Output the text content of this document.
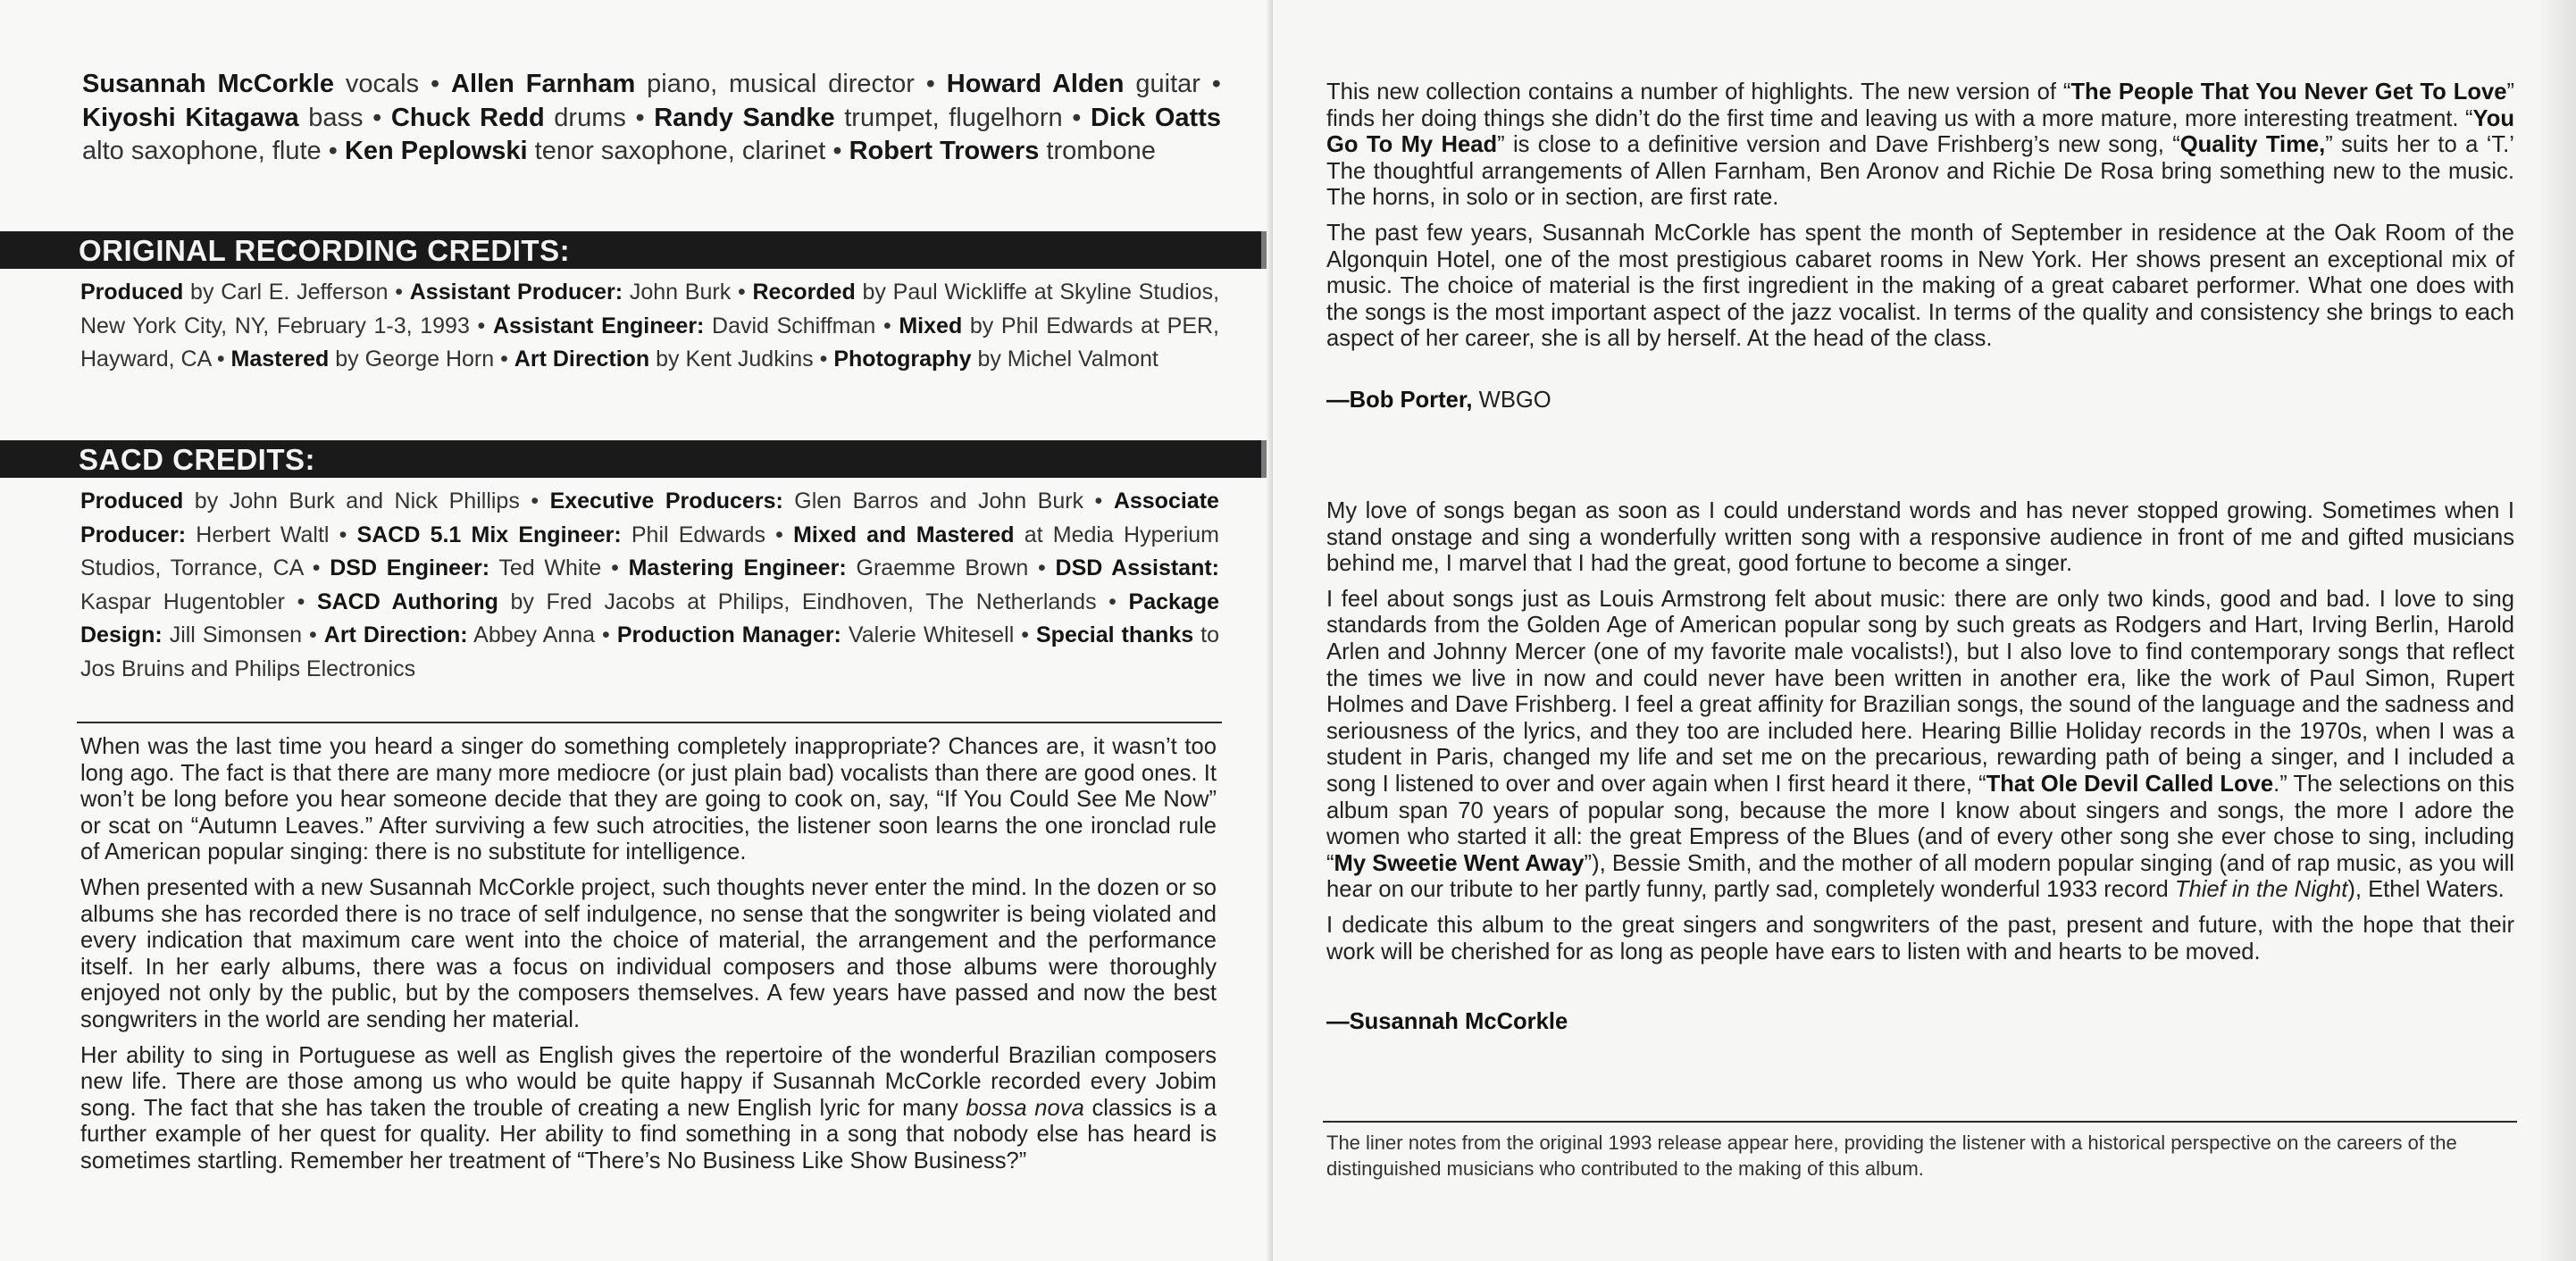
Susannah McCorkle vocals • Allen Farnham piano, musical director • Howard Alden guitar • Kiyoshi Kitagawa bass • Chuck Redd drums • Randy Sandke trumpet, flugelhorn • Dick Oatts alto saxophone, flute • Ken Peplowski tenor saxophone, clarinet • Robert Trowers trombone
ORIGINAL RECORDING CREDITS:
Produced by Carl E. Jefferson • Assistant Producer: John Burk • Recorded by Paul Wickliffe at Skyline Studios, New York City, NY, February 1-3, 1993 • Assistant Engineer: David Schiffman • Mixed by Phil Edwards at PER, Hayward, CA • Mastered by George Horn • Art Direction by Kent Judkins • Photography by Michel Valmont
SACD CREDITS:
Produced by John Burk and Nick Phillips • Executive Producers: Glen Barros and John Burk • Associate Producer: Herbert Waltl • SACD 5.1 Mix Engineer: Phil Edwards • Mixed and Mastered at Media Hyperium Studios, Torrance, CA • DSD Engineer: Ted White • Mastering Engineer: Graemme Brown • DSD Assistant: Kaspar Hugentobler • SACD Authoring by Fred Jacobs at Philips, Eindhoven, The Netherlands • Package Design: Jill Simonsen • Art Direction: Abbey Anna • Production Manager: Valerie Whitesell • Special thanks to Jos Bruins and Philips Electronics

When was the last time you heard a singer do something completely inappropriate? Chances are, it wasn’t too long ago. The fact is that there are many more mediocre (or just plain bad) vocalists than there are good ones. It won’t be long before you hear someone decide that they are going to cook on, say, “If You Could See Me Now” or scat on “Autumn Leaves.” After surviving a few such atrocities, the listener soon learns the one ironclad rule of American popular singing: there is no substitute for intelligence.

When presented with a new Susannah McCorkle project, such thoughts never enter the mind. In the dozen or so albums she has recorded there is no trace of self indulgence, no sense that the songwriter is being violated and every indication that maximum care went into the choice of material, the arrangement and the performance itself. In her early albums, there was a focus on individual composers and those albums were thoroughly enjoyed not only by the public, but by the composers themselves. A few years have passed and now the best songwriters in the world are sending her material.

Her ability to sing in Portuguese as well as English gives the repertoire of the wonderful Brazilian composers new life. There are those among us who would be quite happy if Susannah McCorkle recorded every Jobim song. The fact that she has taken the trouble of creating a new English lyric for many bossa nova classics is a further example of her quest for quality. Her ability to find something in a song that nobody else has heard is sometimes startling. Remember her treatment of “There’s No Business Like Show Business?”

This new collection contains a number of highlights. The new version of “The People That You Never Get To Love” finds her doing things she didn’t do the first time and leaving us with a more mature, more interesting treatment. “You Go To My Head” is close to a definitive version and Dave Frishberg’s new song, “Quality Time,” suits her to a ‘T.’ The thoughtful arrangements of Allen Farnham, Ben Aronov and Richie De Rosa bring something new to the music. The horns, in solo or in section, are first rate.

The past few years, Susannah McCorkle has spent the month of September in residence at the Oak Room of the Algonquin Hotel, one of the most prestigious cabaret rooms in New York. Her shows present an exceptional mix of music. The choice of material is the first ingredient in the making of a great cabaret performer. What one does with the songs is the most important aspect of the jazz vocalist. In terms of the quality and consistency she brings to each aspect of her career, she is all by herself. At the head of the class.

—Bob Porter, WBGO

My love of songs began as soon as I could understand words and has never stopped growing. Sometimes when I stand onstage and sing a wonderfully written song with a responsive audience in front of me and gifted musicians behind me, I marvel that I had the great, good fortune to become a singer.

I feel about songs just as Louis Armstrong felt about music: there are only two kinds, good and bad. I love to sing standards from the Golden Age of American popular song by such greats as Rodgers and Hart, Irving Berlin, Harold Arlen and Johnny Mercer (one of my favorite male vocalists!), but I also love to find contemporary songs that reflect the times we live in now and could never have been written in another era, like the work of Paul Simon, Rupert Holmes and Dave Frishberg. I feel a great affinity for Brazilian songs, the sound of the language and the sadness and seriousness of the lyrics, and they too are included here. Hearing Billie Holiday records in the 1970s, when I was a student in Paris, changed my life and set me on the precarious, rewarding path of being a singer, and I included a song I listened to over and over again when I first heard it there, “That Ole Devil Called Love.” The selections on this album span 70 years of popular song, because the more I know about singers and songs, the more I adore the women who started it all: the great Empress of the Blues (and of every other song she ever chose to sing, including “My Sweetie Went Away”), Bessie Smith, and the mother of all modern popular singing (and of rap music, as you will hear on our tribute to her partly funny, partly sad, completely wonderful 1933 record Thief in the Night), Ethel Waters.

I dedicate this album to the great singers and songwriters of the past, present and future, with the hope that their work will be cherished for as long as people have ears to listen with and hearts to be moved.

—Susannah McCorkle
The liner notes from the original 1993 release appear here, providing the listener with a historical perspective on the careers of the distinguished musicians who contributed to the making of this album.
